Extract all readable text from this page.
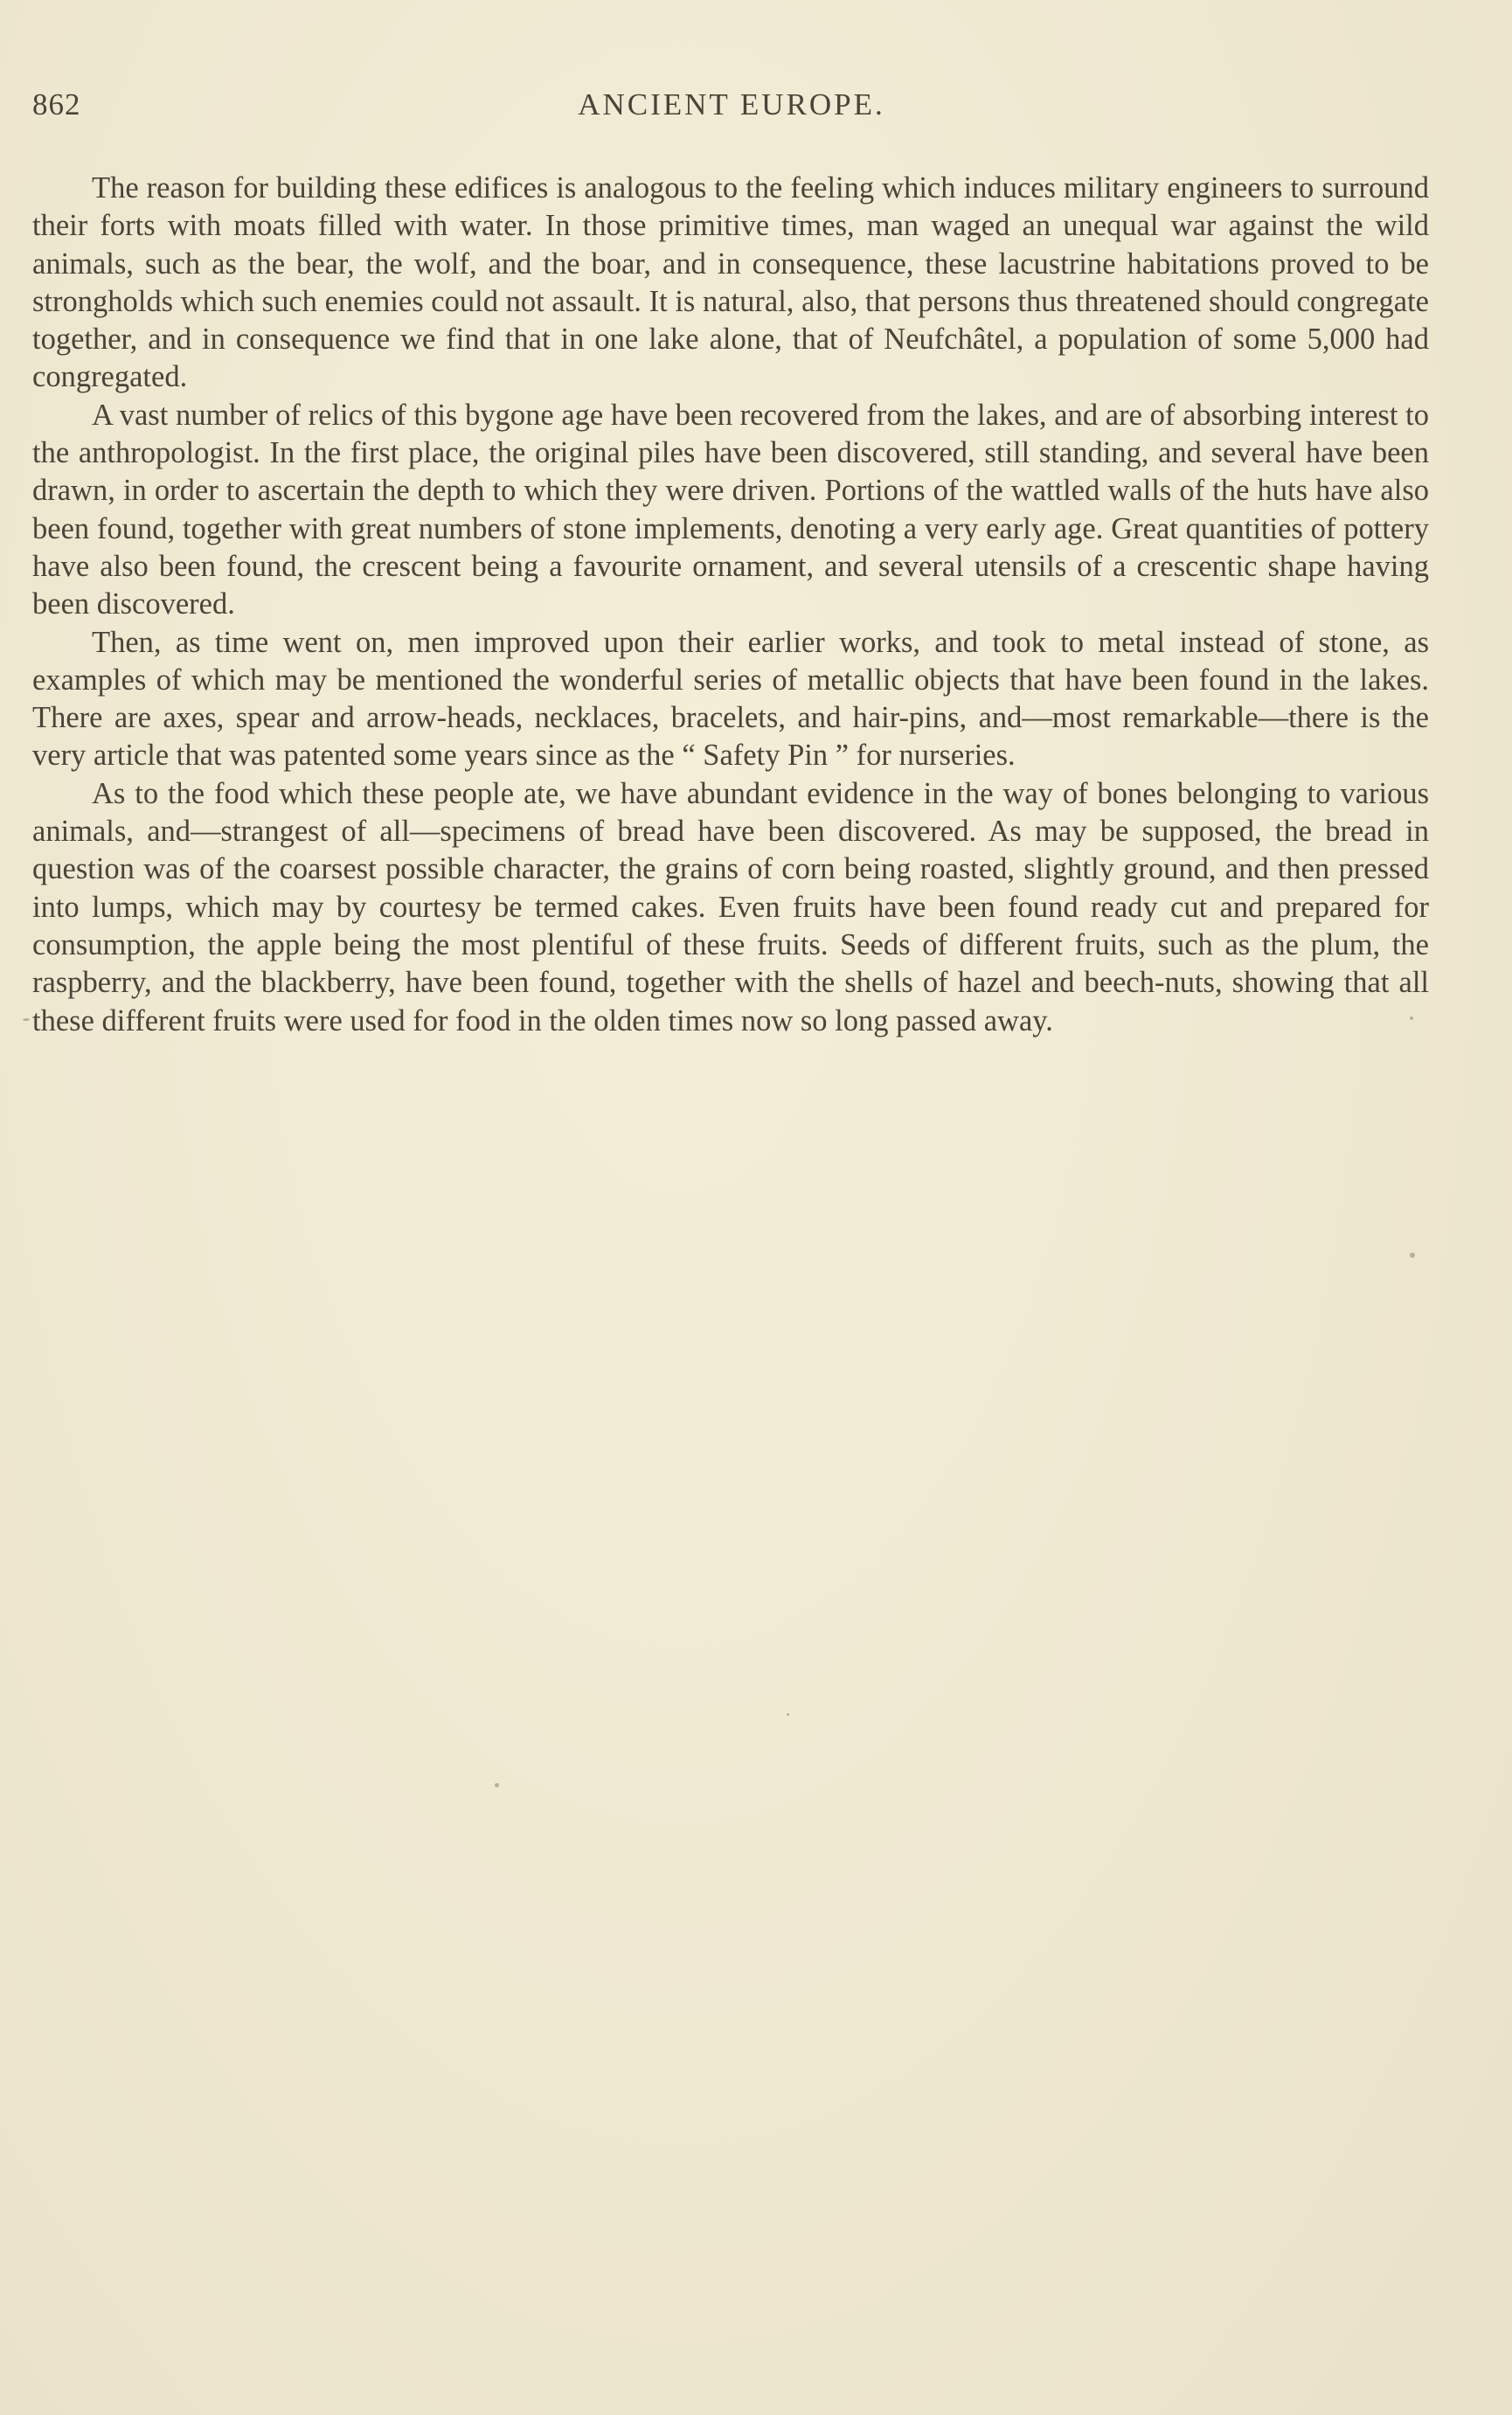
862	ANCIENT EUROPE.

The reason for building these edifices is analogous to the feeling which induces military engineers to surround their forts with moats filled with water. In those primitive times, man waged an unequal war against the wild animals, such as the bear, the wolf, and the boar, and in consequence, these lacustrine habitations proved to be strongholds which such enemies could not assault. It is natural, also, that persons thus threatened should congregate together, and in consequence we find that in one lake alone, that of Neufchâtel, a population of some 5,000 had congregated.

A vast number of relics of this bygone age have been recovered from the lakes, and are of absorbing interest to the anthropologist. In the first place, the original piles have been discovered, still standing, and several have been drawn, in order to ascertain the depth to which they were driven. Portions of the wattled walls of the huts have also been found, together with great numbers of stone implements, denoting a very early age. Great quantities of pottery have also been found, the crescent being a favourite ornament, and several utensils of a crescentic shape having been discovered.

Then, as time went on, men improved upon their earlier works, and took to metal instead of stone, as examples of which may be mentioned the wonderful series of metallic objects that have been found in the lakes. There are axes, spear and arrow-heads, necklaces, bracelets, and hair-pins, and—most remarkable—there is the very article that was patented some years since as the “ Safety Pin ” for nurseries.

As to the food which these people ate, we have abundant evidence in the way of bones belonging to various animals, and—strangest of all—specimens of bread have been discovered. As may be supposed, the bread in question was of the coarsest possible character, the grains of corn being roasted, slightly ground, and then pressed into lumps, which may by courtesy be termed cakes. Even fruits have been found ready cut and prepared for consumption, the apple being the most plentiful of these fruits. Seeds of different fruits, such as the plum, the raspberry, and the blackberry, have been found, together with the shells of hazel and beech-nuts, showing that all these different fruits were used for food in the olden times now so long passed away.
